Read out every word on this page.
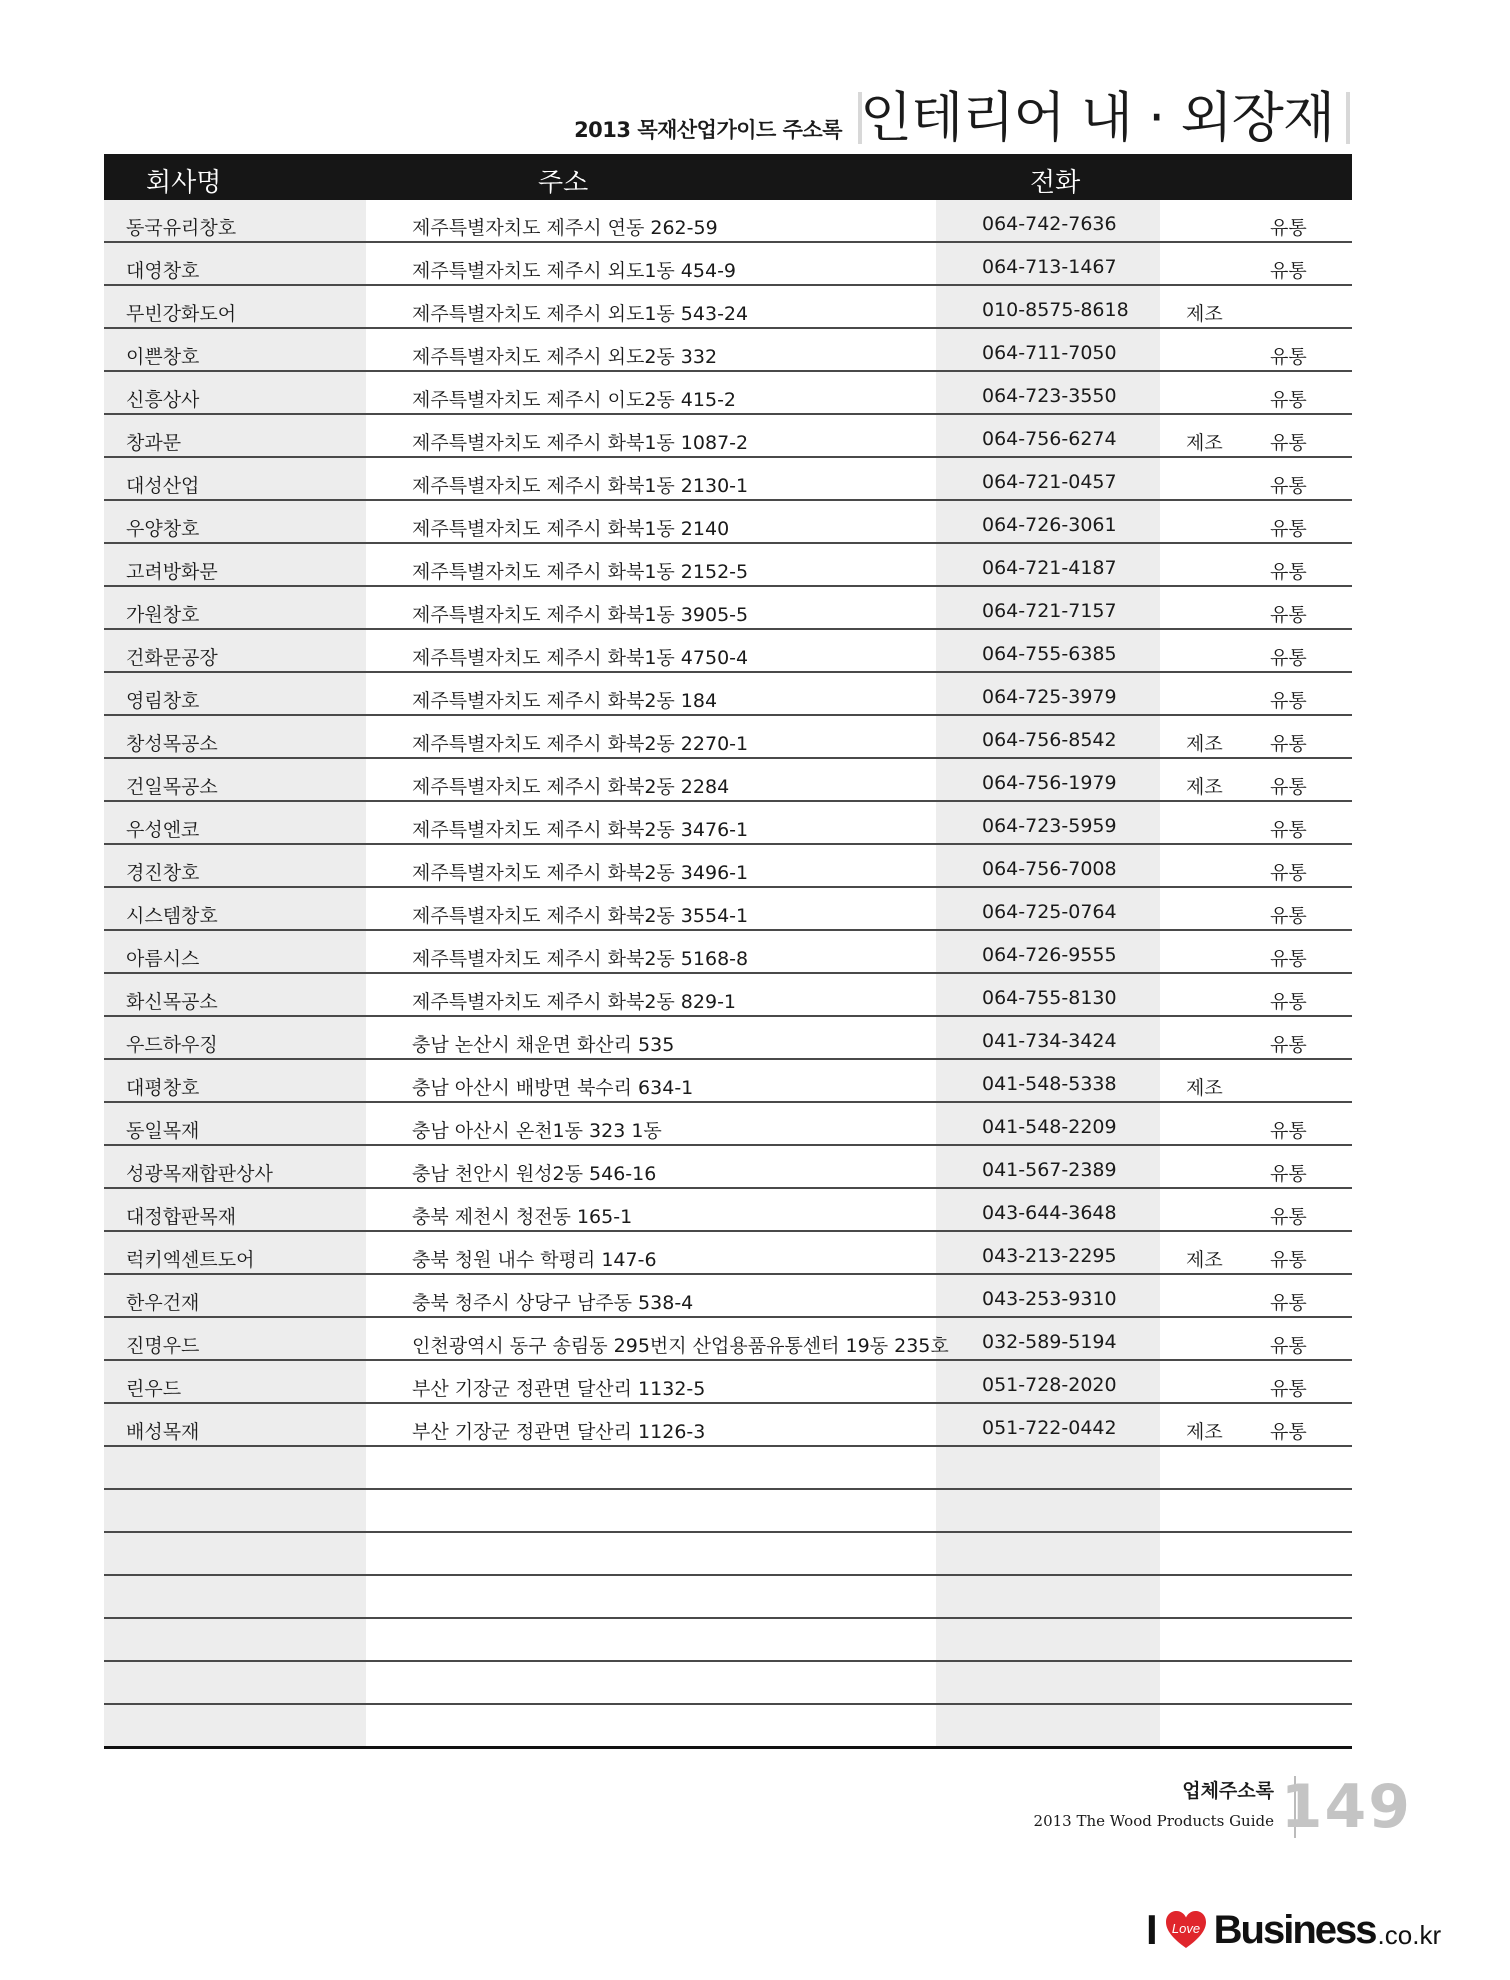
2013 목재산업가이드 주소록 인테리어 내 · 외장재
회사명	주소	전화
동국유리창호	제주특별자치도 제주시 연동 262-59	064-742-7636	유통
대영창호	제주특별자치도 제주시 외도1동 454-9	064-713-1467	유통
무빈강화도어	제주특별자치도 제주시 외도1동 543-24	010-8575-8618	제조
이쁜창호	제주특별자치도 제주시 외도2동 332	064-711-7050	유통
신흥상사	제주특별자치도 제주시 이도2동 415-2	064-723-3550	유통
창과문	제주특별자치도 제주시 화북1동 1087-2	064-756-6274	제조 유통
대성산업	제주특별자치도 제주시 화북1동 2130-1	064-721-0457	유통
우양창호	제주특별자치도 제주시 화북1동 2140	064-726-3061	유통
고려방화문	제주특별자치도 제주시 화북1동 2152-5	064-721-4187	유통
가원창호	제주특별자치도 제주시 화북1동 3905-5	064-721-7157	유통
건화문공장	제주특별자치도 제주시 화북1동 4750-4	064-755-6385	유통
영림창호	제주특별자치도 제주시 화북2동 184	064-725-3979	유통
창성목공소	제주특별자치도 제주시 화북2동 2270-1	064-756-8542	제조 유통
건일목공소	제주특별자치도 제주시 화북2동 2284	064-756-1979	제조 유통
우성엔코	제주특별자치도 제주시 화북2동 3476-1	064-723-5959	유통
경진창호	제주특별자치도 제주시 화북2동 3496-1	064-756-7008	유통
시스템창호	제주특별자치도 제주시 화북2동 3554-1	064-725-0764	유통
아름시스	제주특별자치도 제주시 화북2동 5168-8	064-726-9555	유통
화신목공소	제주특별자치도 제주시 화북2동 829-1	064-755-8130	유통
우드하우징	충남 논산시 채운면 화산리 535	041-734-3424	유통
대평창호	충남 아산시 배방면 북수리 634-1	041-548-5338	제조
동일목재	충남 아산시 온천1동 323 1동	041-548-2209	유통
성광목재합판상사	충남 천안시 원성2동 546-16	041-567-2389	유통
대정합판목재	충북 제천시 청전동 165-1	043-644-3648	유통
럭키엑센트도어	충북 청원 내수 학평리 147-6	043-213-2295	제조 유통
한우건재	충북 청주시 상당구 남주동 538-4	043-253-9310	유통
진명우드	인천광역시 동구 송림동 295번지 산업용품유통센터 19동 235호 032-589-5194	유통
린우드	부산 기장군 정관면 달산리 1132-5	051-728-2020	유통
배성목재	부산 기장군 정관면 달산리 1126-3	051-722-0442	제조 유통
업체주소록
2013 The Wood Products Guide 149
I Love Business .co.kr
